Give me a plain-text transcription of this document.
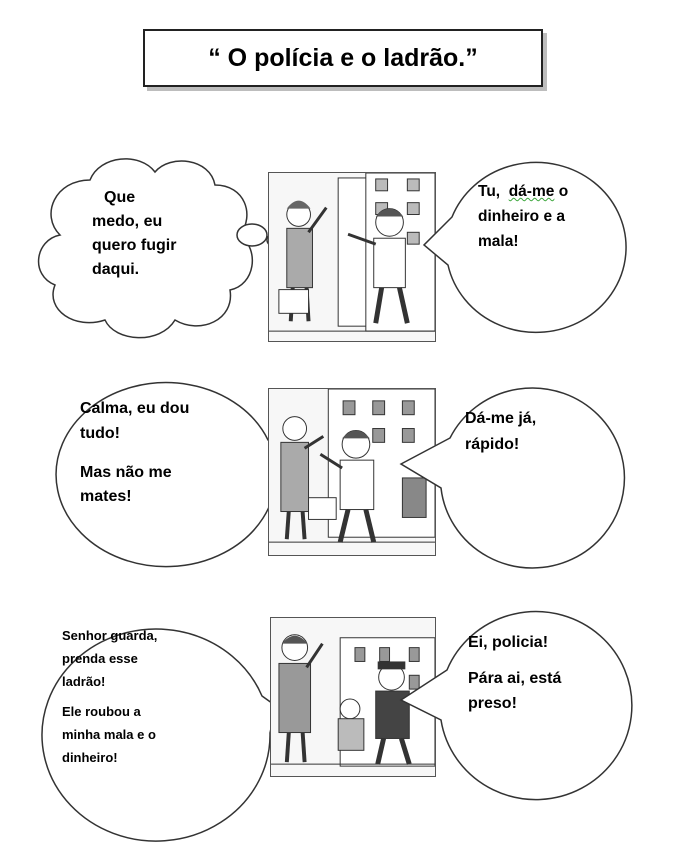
“ O polícia e o ladrão.”

Que

medo, eu

quero fugir

daqui.

Tu, dá-me o

dinheiro e a

mala!

Calma, eu dou

tudo!

Mas não me

mates!

Dá-me já,

rápido!

Senhor guarda,

prenda esse

ladrão!

Ele roubou a

minha mala e o

dinheiro!

Ei, policia!

Pára ai, está

preso!
